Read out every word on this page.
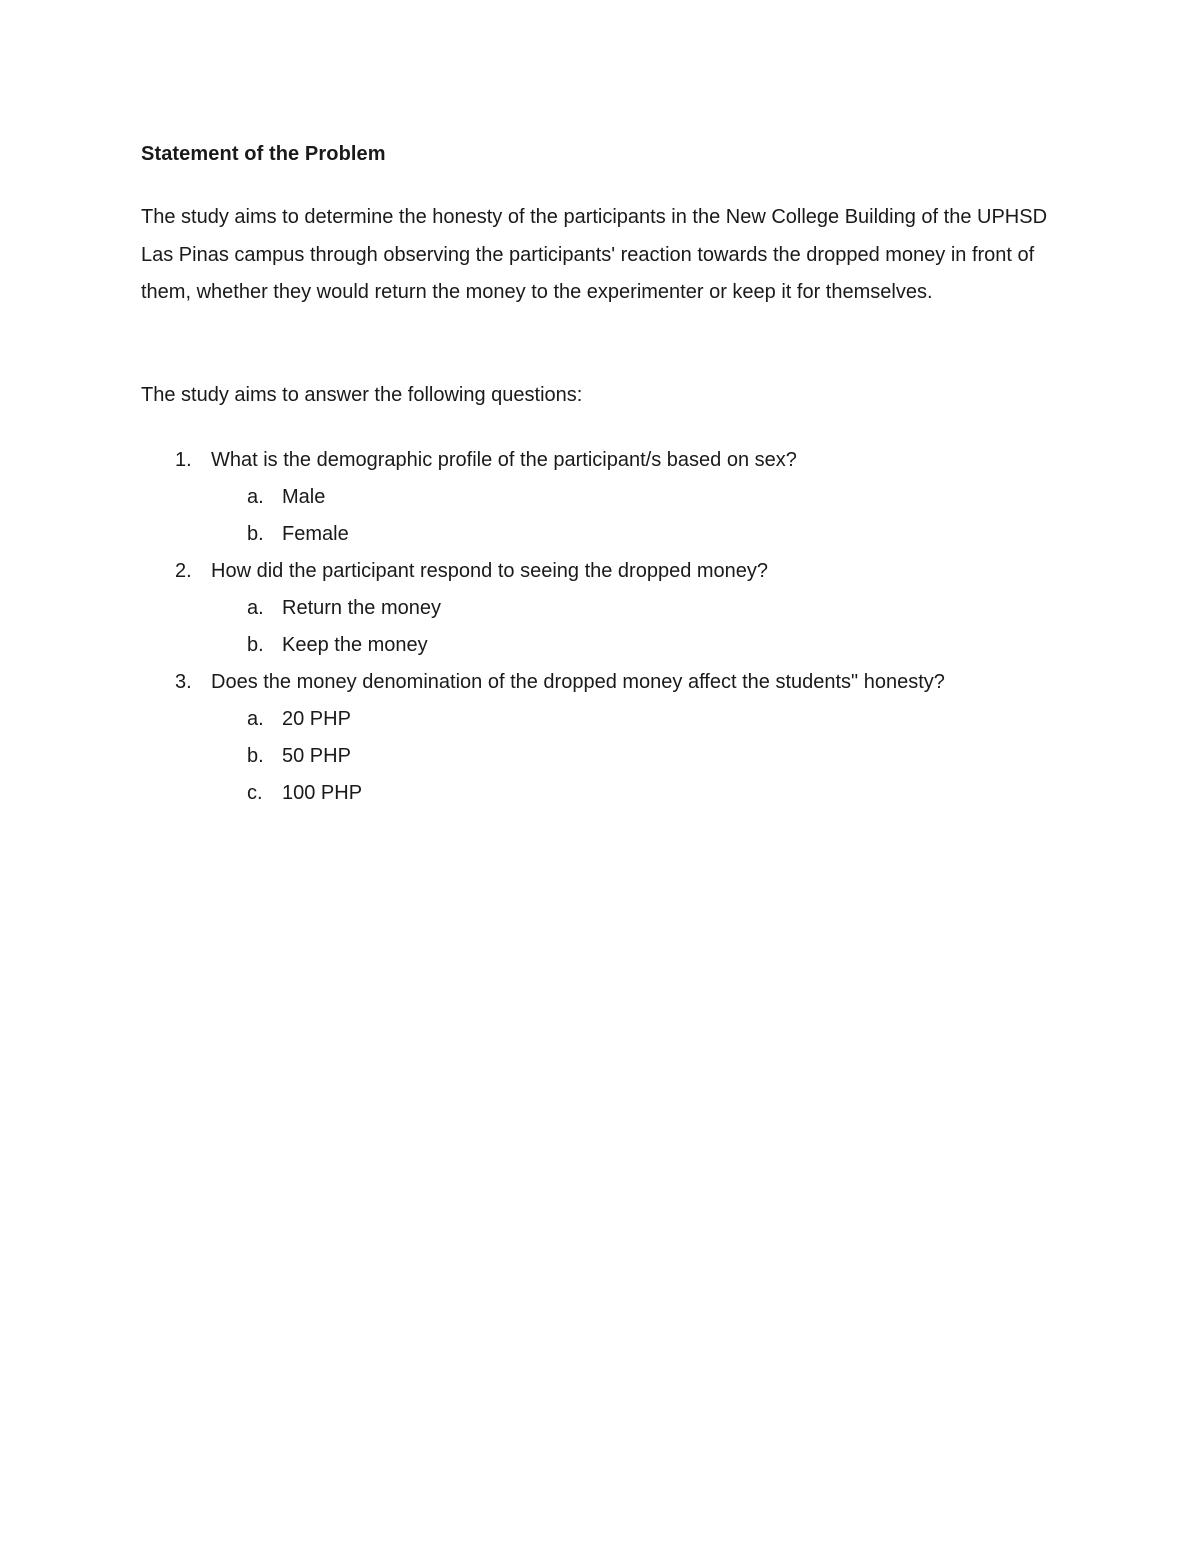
Statement of the Problem

The study aims to determine the honesty of the participants in the New College Building of the UPHSD Las Pinas campus through observing the participants' reaction towards the dropped money in front of them, whether they would return the money to the experimenter or keep it for themselves.

The study aims to answer the following questions:

1. What is the demographic profile of the participant/s based on sex?
a. Male
b. Female
2. How did the participant respond to seeing the dropped money?
a. Return the money
b. Keep the money
3. Does the money denomination of the dropped money affect the students" honesty?
a. 20 PHP
b. 50 PHP
c. 100 PHP
